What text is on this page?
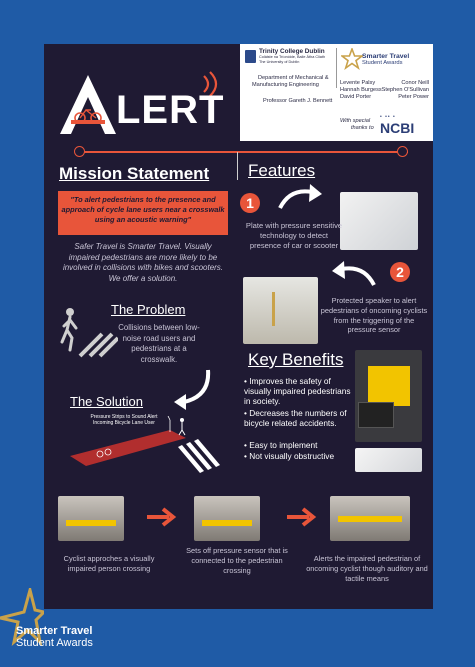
LERT
Trinity College Dublin
Coláiste na Tríonóide, Baile Átha Cliath
The University of Dublin
Department of Mechanical &
Manufacturing Engineering
Professor Gareth J. Bennett
Smarter Travel
Student Awards
Levente Palsy
Hannah Burgess
David Porter
Conor Neill
Stephen O'Sullivan
Peter Power
With special
thanks to
• •• •
NCBI
Mission Statement
"To alert pedestrians to the presence and approach of cycle lane users near a crosswalk using an acoustic warning"
Safer Travel is Smarter Travel. Visually impaired pedestrians are more likely to be involved in collisions with bikes and scooters. We offer a solution.
The Problem
Collisions between low-noise road users and pedestrians at a crosswalk.
The Solution
Pressure Strips to Sound Alert Incoming Bicycle Lane User
Features
1
Plate with pressure sensitive technology to detect presence of car or scooter
2
Protected speaker to alert pedestrians of oncoming cyclists from the triggering of the pressure sensor
Key Benefits
• Improves the safety of visually impaired pedestrians in society.
• Decreases the numbers of bicycle related accidents.
• Easy to implement
• Not visually obstructive
Cyclist approches a visually impaired person crossing
Sets off pressure sensor that is connected to the pedestrian crossing
Alerts the impaired pedestrian of oncoming cyclist though auditory and tactile means
Smarter Travel
Student Awards
